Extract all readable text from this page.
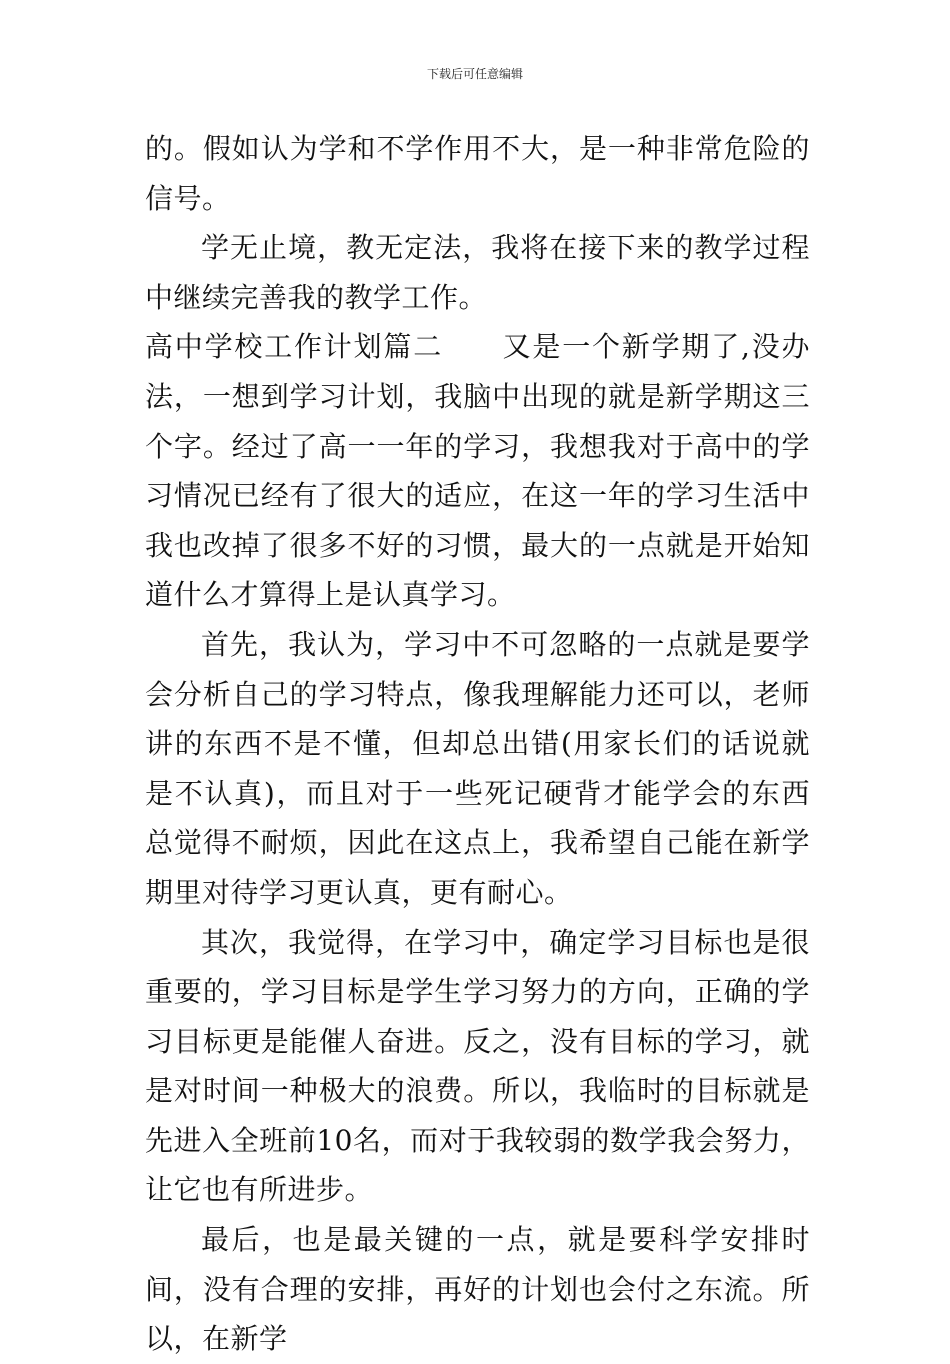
下载后可任意编辑

的。假如认为学和不学作用不大，是一种非常危险的信号。

学无止境，教无定法，我将在接下来的教学过程中继续完善我的教学工作。

高中学校工作计划篇二　　又是一个新学期了,没办法，一想到学习计划，我脑中出现的就是新学期这三个字。经过了高一一年的学习，我想我对于高中的学习情况已经有了很大的适应，在这一年的学习生活中我也改掉了很多不好的习惯，最大的一点就是开始知道什么才算得上是认真学习。

首先，我认为，学习中不可忽略的一点就是要学会分析自己的学习特点，像我理解能力还可以，老师讲的东西不是不懂，但却总出错(用家长们的话说就是不认真)，而且对于一些死记硬背才能学会的东西总觉得不耐烦，因此在这点上，我希望自己能在新学期里对待学习更认真，更有耐心。

其次，我觉得，在学习中，确定学习目标也是很重要的，学习目标是学生学习努力的方向，正确的学习目标更是能催人奋进。反之，没有目标的学习，就是对时间一种极大的浪费。所以，我临时的目标就是先进入全班前10名，而对于我较弱的数学我会努力，让它也有所进步。

最后，也是最关键的一点，就是要科学安排时间，没有合理的安排，再好的计划也会付之东流。所以，在新学
